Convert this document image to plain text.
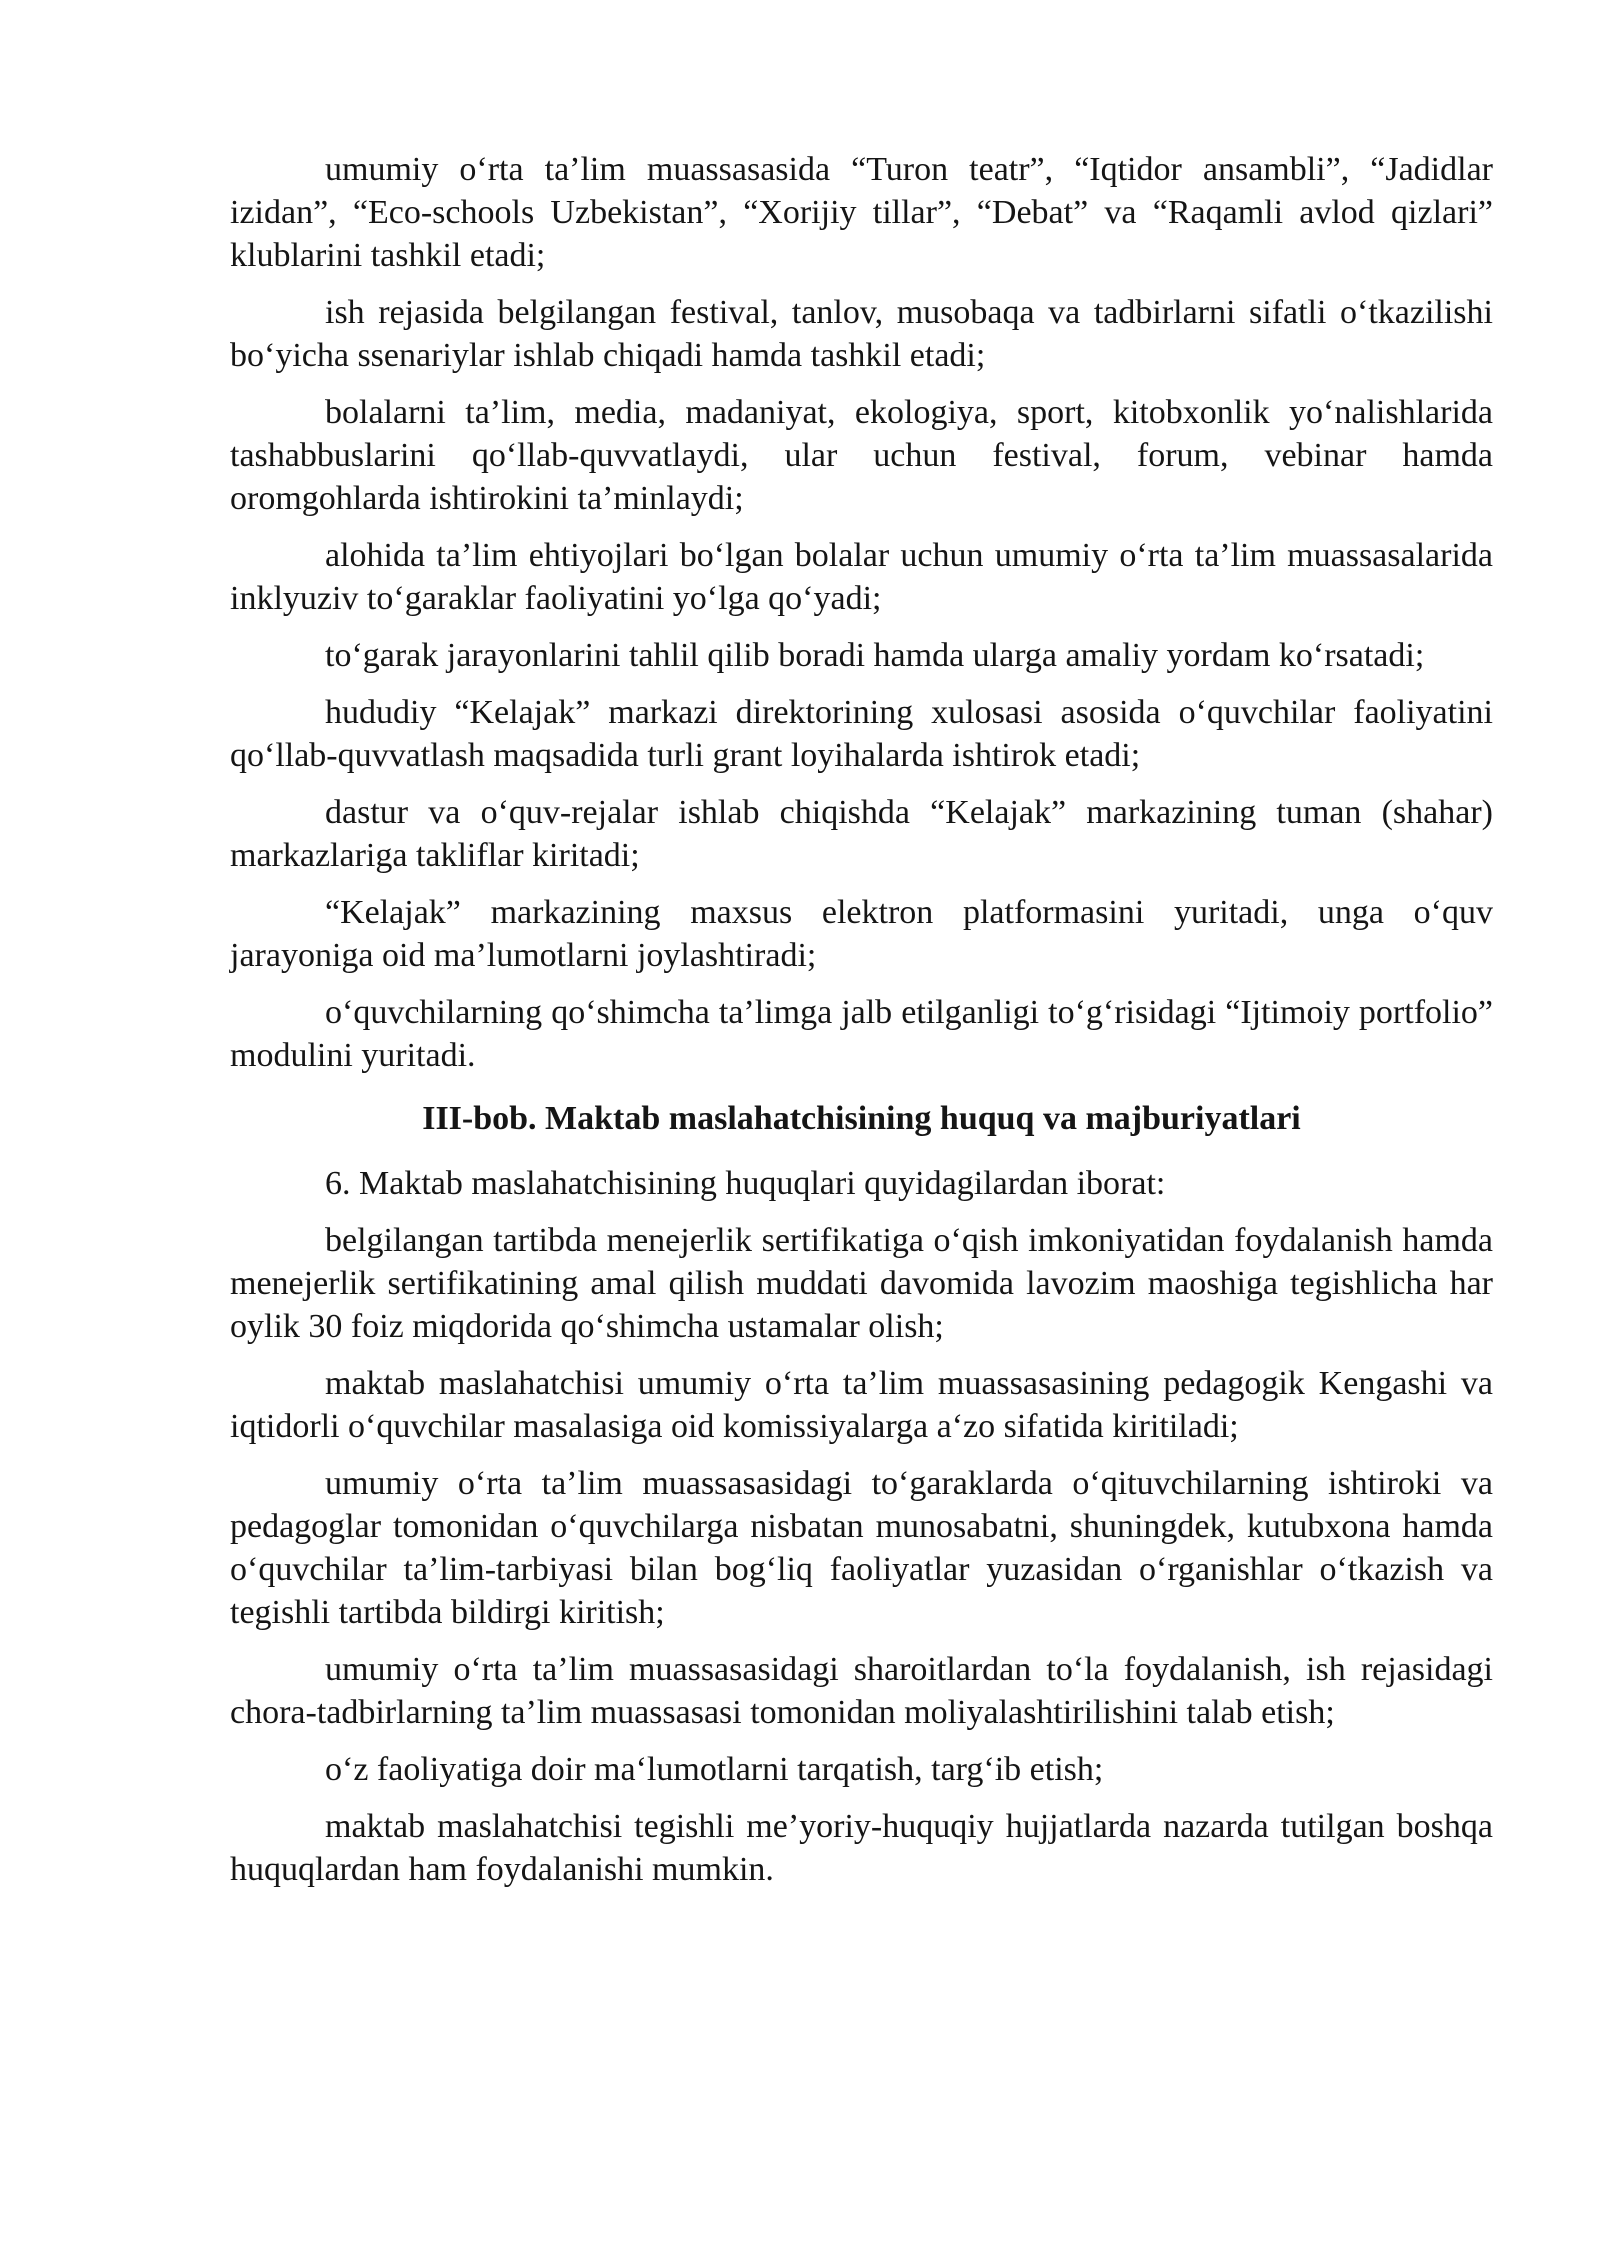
umumiy o‘rta ta’lim muassasasida “Turon teatr”, “Iqtidor ansambli”, “Jadidlar izidan”, “Eco-schools Uzbekistan”, “Xorijiy tillar”, “Debat” va “Raqamli avlod qizlari” klublarini tashkil etadi;

ish rejasida belgilangan festival, tanlov, musobaqa va tadbirlarni sifatli o‘tkazilishi bo‘yicha ssenariylar ishlab chiqadi hamda tashkil etadi;

bolalarni ta’lim, media, madaniyat, ekologiya, sport, kitobxonlik yo‘nalishlarida tashabbuslarini qo‘llab-quvvatlaydi, ular uchun festival, forum, vebinar hamda oromgohlarda ishtirokini ta’minlaydi;

alohida ta’lim ehtiyojlari bo‘lgan bolalar uchun umumiy o‘rta ta’lim muassasalarida inklyuziv to‘garaklar faoliyatini yo‘lga qo‘yadi;

to‘garak jarayonlarini tahlil qilib boradi hamda ularga amaliy yordam ko‘rsatadi;

hududiy “Kelajak” markazi direktorining xulosasi asosida o‘quvchilar faoliyatini qo‘llab-quvvatlash maqsadida turli grant loyihalarda ishtirok etadi;

dastur va o‘quv-rejalar ishlab chiqishda “Kelajak” markazining tuman (shahar) markazlariga takliflar kiritadi;

“Kelajak” markazining maxsus elektron platformasini yuritadi, unga o‘quv jarayoniga oid ma’lumotlarni joylashtiradi;

o‘quvchilarning qo‘shimcha ta’limga jalb etilganligi to‘g‘risidagi “Ijtimoiy portfolio” modulini yuritadi.

III-bob. Maktab maslahatchisining huquq va majburiyatlari

6. Maktab maslahatchisining huquqlari quyidagilardan iborat:

belgilangan tartibda menejerlik sertifikatiga o‘qish imkoniyatidan foydalanish hamda menejerlik sertifikatining amal qilish muddati davomida lavozim maoshiga tegishlicha har oylik 30 foiz miqdorida qo‘shimcha ustamalar olish;

maktab maslahatchisi umumiy o‘rta ta’lim muassasasining pedagogik Kengashi va iqtidorli o‘quvchilar masalasiga oid komissiyalarga a‘zo sifatida kiritiladi;

umumiy o‘rta ta’lim muassasasidagi to‘garaklarda o‘qituvchilarning ishtiroki va pedagoglar tomonidan o‘quvchilarga nisbatan munosabatni, shuningdek, kutubxona hamda o‘quvchilar ta’lim-tarbiyasi bilan bog‘liq faoliyatlar yuzasidan o‘rganishlar o‘tkazish va tegishli tartibda bildirgi kiritish;

umumiy o‘rta ta’lim muassasasidagi sharoitlardan to‘la foydalanish, ish rejasidagi chora-tadbirlarning ta’lim muassasasi tomonidan moliyalashtirilishini talab etish;

o‘z faoliyatiga doir ma‘lumotlarni tarqatish, targ‘ib etish;

maktab maslahatchisi tegishli me’yoriy-huquqiy hujjatlarda nazarda tutilgan boshqa huquqlardan ham foydalanishi mumkin.
